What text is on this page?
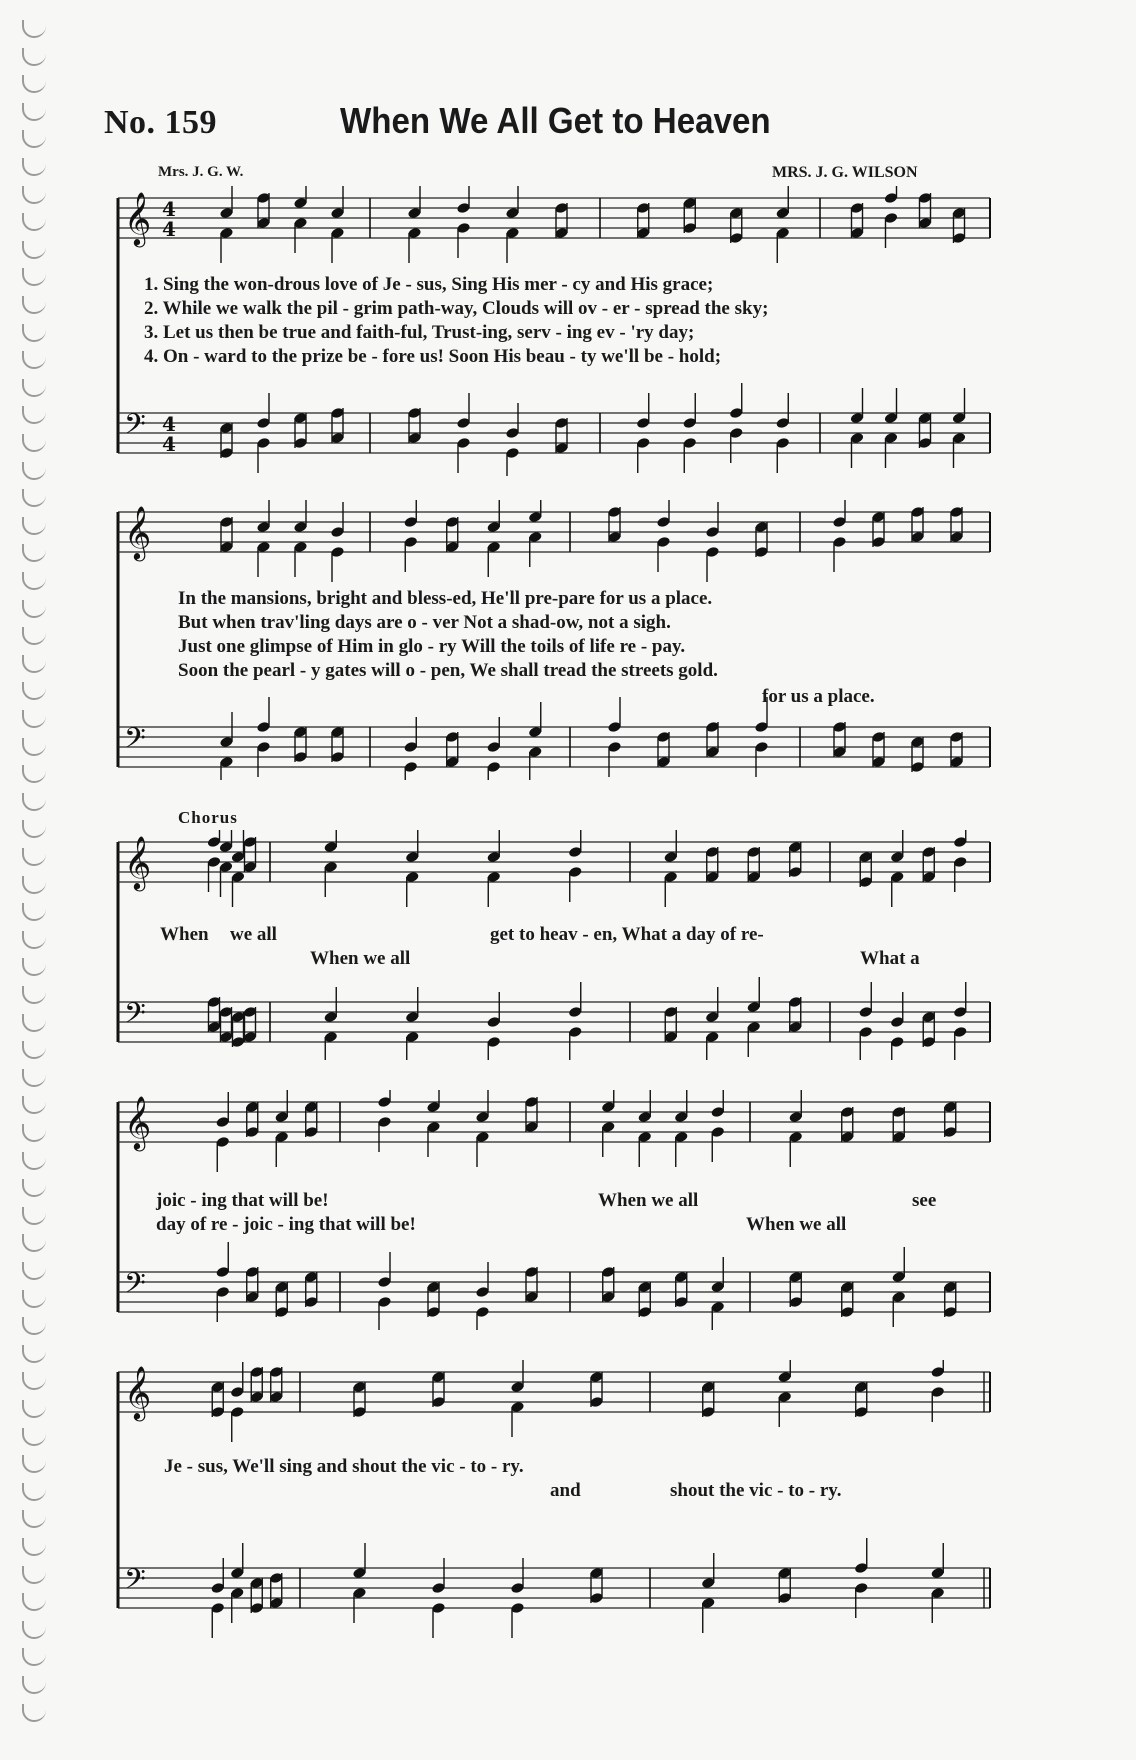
No. 159	When We All Get to Heaven
Mrs. J. G. W.	MRS. J. G. WILSON
𝄞 4
4
𝄢 4
4
1. Sing the won-drous love of Je - sus, Sing His mer - cy and His grace;
2. While we walk the pil - grim path-way, Clouds will ov - er - spread the sky;
3. Let us then be true and faith-ful, Trust-ing, serv - ing ev - 'ry day;
4. On - ward to the prize be - fore us! Soon His beau - ty we'll be - hold;
𝄞
𝄢
In the mansions, bright and bless-ed, He'll pre-pare for us a place.
But when trav'ling days are o - ver Not a shad-ow, not a sigh.
Just one glimpse of Him in glo - ry Will the toils of life re - pay.
Soon the pearl - y gates will o - pen, We shall tread the streets gold.
for us a place.
Chorus
𝄞
𝄢
When we all	get to heav - en, What a day of re-
When we all	What a
𝄞
𝄢
joic - ing that will be!	When we all	see
day of re - joic - ing that will be!	When we all
𝄞
𝄢
Je - sus, We'll sing and shout the vic - to - ry.
and	shout the vic - to - ry.
